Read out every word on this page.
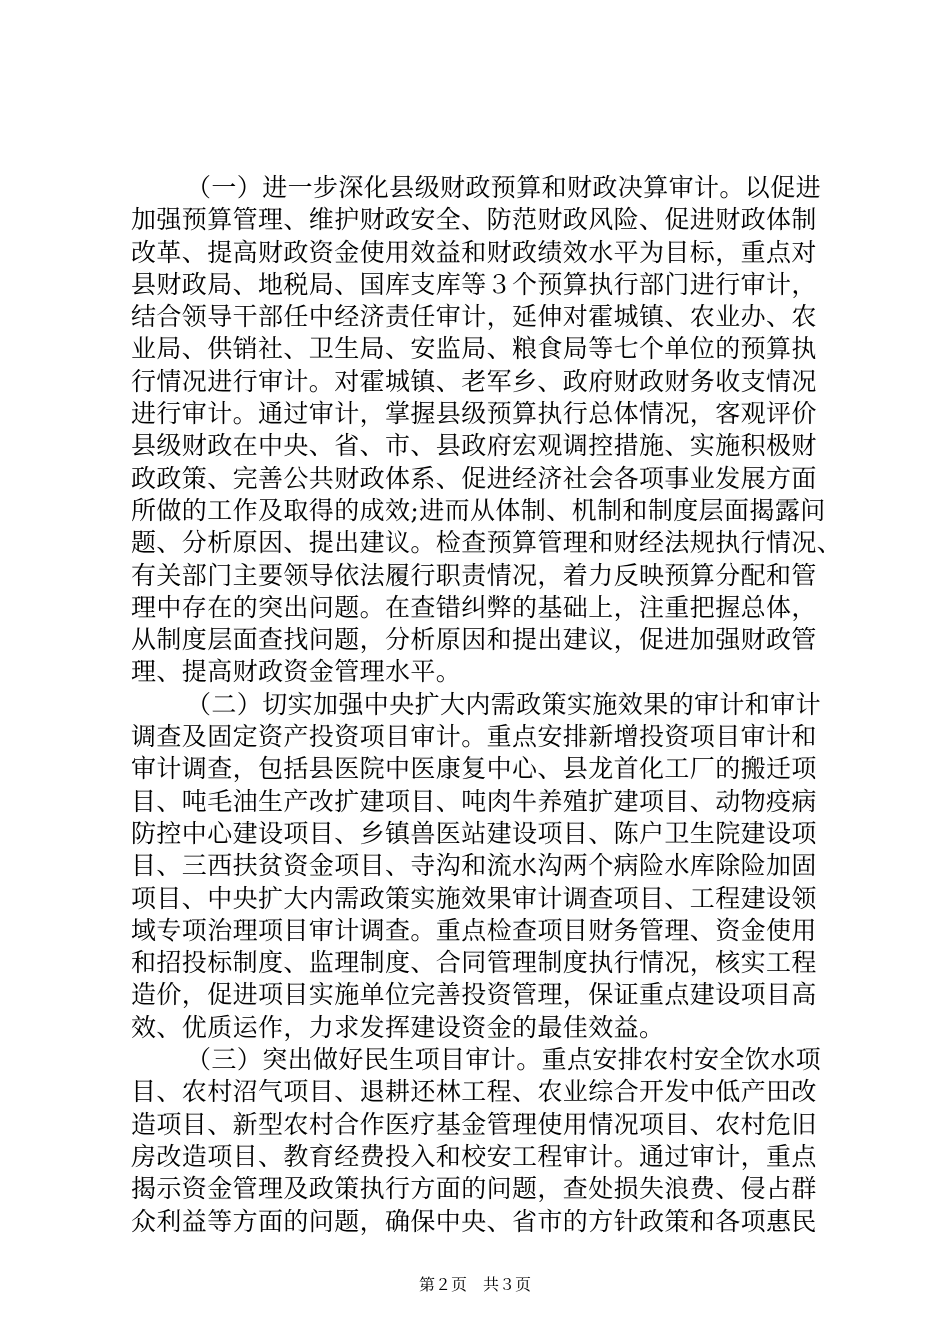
（一）进一步深化县级财政预算和财政决算审计。以促进
加强预算管理、维护财政安全、防范财政风险、促进财政体制
改革、提高财政资金使用效益和财政绩效水平为目标，重点对
县财政局、地税局、国库支库等３个预算执行部门进行审计，
结合领导干部任中经济责任审计，延伸对霍城镇、农业办、农
业局、供销社、卫生局、安监局、粮食局等七个单位的预算执
行情况进行审计。对霍城镇、老军乡、政府财政财务收支情况
进行审计。通过审计，掌握县级预算执行总体情况，客观评价
县级财政在中央、省、市、县政府宏观调控措施、实施积极财
政政策、完善公共财政体系、促进经济社会各项事业发展方面
所做的工作及取得的成效;进而从体制、机制和制度层面揭露问
题、分析原因、提出建议。检查预算管理和财经法规执行情况、
有关部门主要领导依法履行职责情况，着力反映预算分配和管
理中存在的突出问题。在查错纠弊的基础上，注重把握总体，
从制度层面查找问题，分析原因和提出建议，促进加强财政管
理、提高财政资金管理水平。
（二）切实加强中央扩大内需政策实施效果的审计和审计
调查及固定资产投资项目审计。重点安排新增投资项目审计和
审计调查，包括县医院中医康复中心、县龙首化工厂的搬迁项
目、吨毛油生产改扩建项目、吨肉牛养殖扩建项目、动物疫病
防控中心建设项目、乡镇兽医站建设项目、陈户卫生院建设项
目、三西扶贫资金项目、寺沟和流水沟两个病险水库除险加固
项目、中央扩大内需政策实施效果审计调查项目、工程建设领
域专项治理项目审计调查。重点检查项目财务管理、资金使用
和招投标制度、监理制度、合同管理制度执行情况，核实工程
造价，促进项目实施单位完善投资管理，保证重点建设项目高
效、优质运作，力求发挥建设资金的最佳效益。
（三）突出做好民生项目审计。重点安排农村安全饮水项
目、农村沼气项目、退耕还林工程、农业综合开发中低产田改
造项目、新型农村合作医疗基金管理使用情况项目、农村危旧
房改造项目、教育经费投入和校安工程审计。通过审计，重点
揭示资金管理及政策执行方面的问题，查处损失浪费、侵占群
众利益等方面的问题，确保中央、省市的方针政策和各项惠民
第２页　共３页
